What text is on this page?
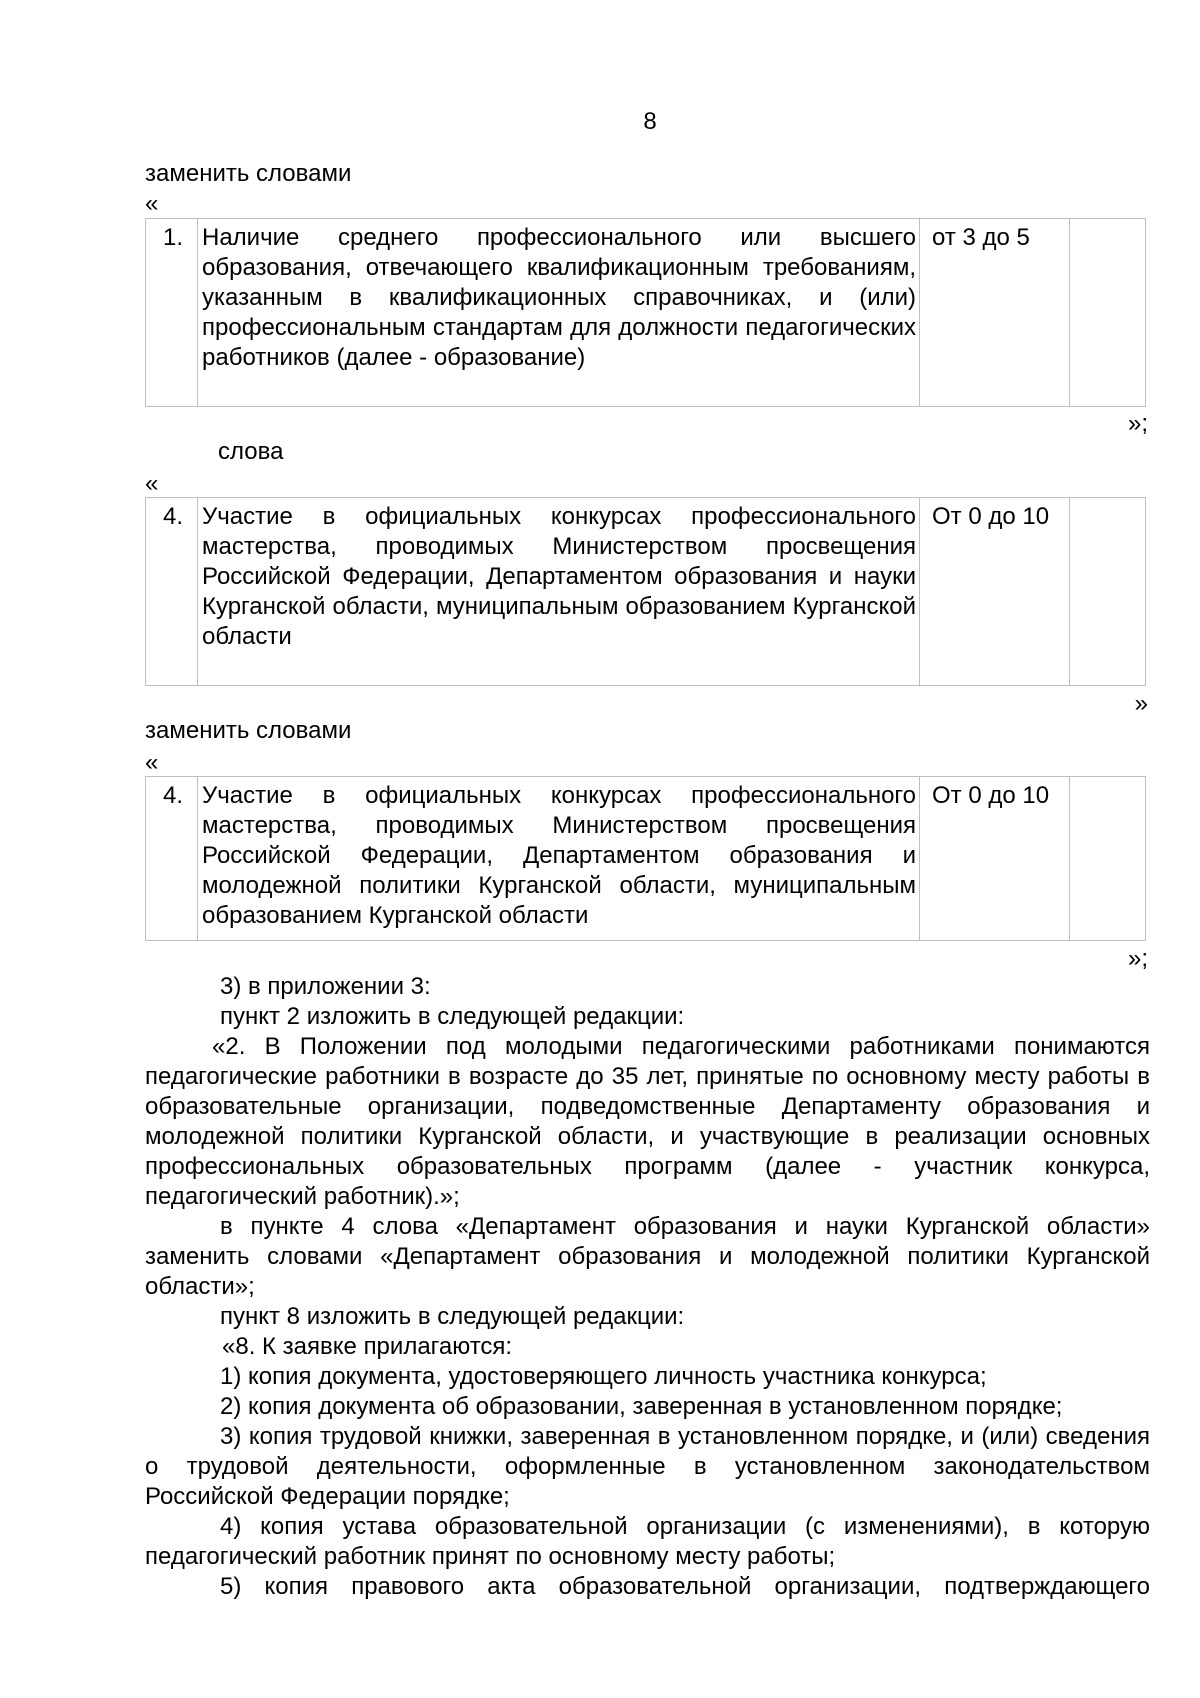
8
заменить словами
«
1.	Наличие среднего профессионального или высшего образования, отвечающего квалификационным требованиям, указанным в квалификационных справочниках, и (или) профессиональным стандартам для должности педагогических работников (далее - образование)	от 3 до 5	
»;
слова
«
4.	Участие в официальных конкурсах профессионального мастерства, проводимых Министерством просвещения Российской Федерации, Департаментом образования и науки Курганской области, муниципальным образованием Курганской области	От 0 до 10	
»
заменить словами
«
4.	Участие в официальных конкурсах профессионального мастерства, проводимых Министерством просвещения Российской Федерации, Департаментом образования и молодежной политики Курганской области, муниципальным образованием Курганской области	От 0 до 10	
»;

3) в приложении 3:

пункт 2 изложить в следующей редакции:

«2. В Положении под молодыми педагогическими работниками понимаются педагогические работники в возрасте до 35 лет, принятые по основному месту работы в образовательные организации, подведомственные Департаменту образования и молодежной политики Курганской области, и участвующие в реализации основных профессиональных образовательных программ (далее - участник конкурса, педагогический работник).»;

в пункте 4 слова «Департамент образования и науки Курганской области» заменить словами «Департамент образования и молодежной политики Курганской области»;

пункт 8 изложить в следующей редакции:

«8. К заявке прилагаются:

1) копия документа, удостоверяющего личность участника конкурса;

2) копия документа об образовании, заверенная в установленном порядке;

3) копия трудовой книжки, заверенная в установленном порядке, и (или) сведения о трудовой деятельности, оформленные в установленном законодательством Российской Федерации порядке;

4) копия устава образовательной организации (с изменениями), в которую педагогический работник принят по основному месту работы;

5) копия правового акта образовательной организации, подтверждающего
